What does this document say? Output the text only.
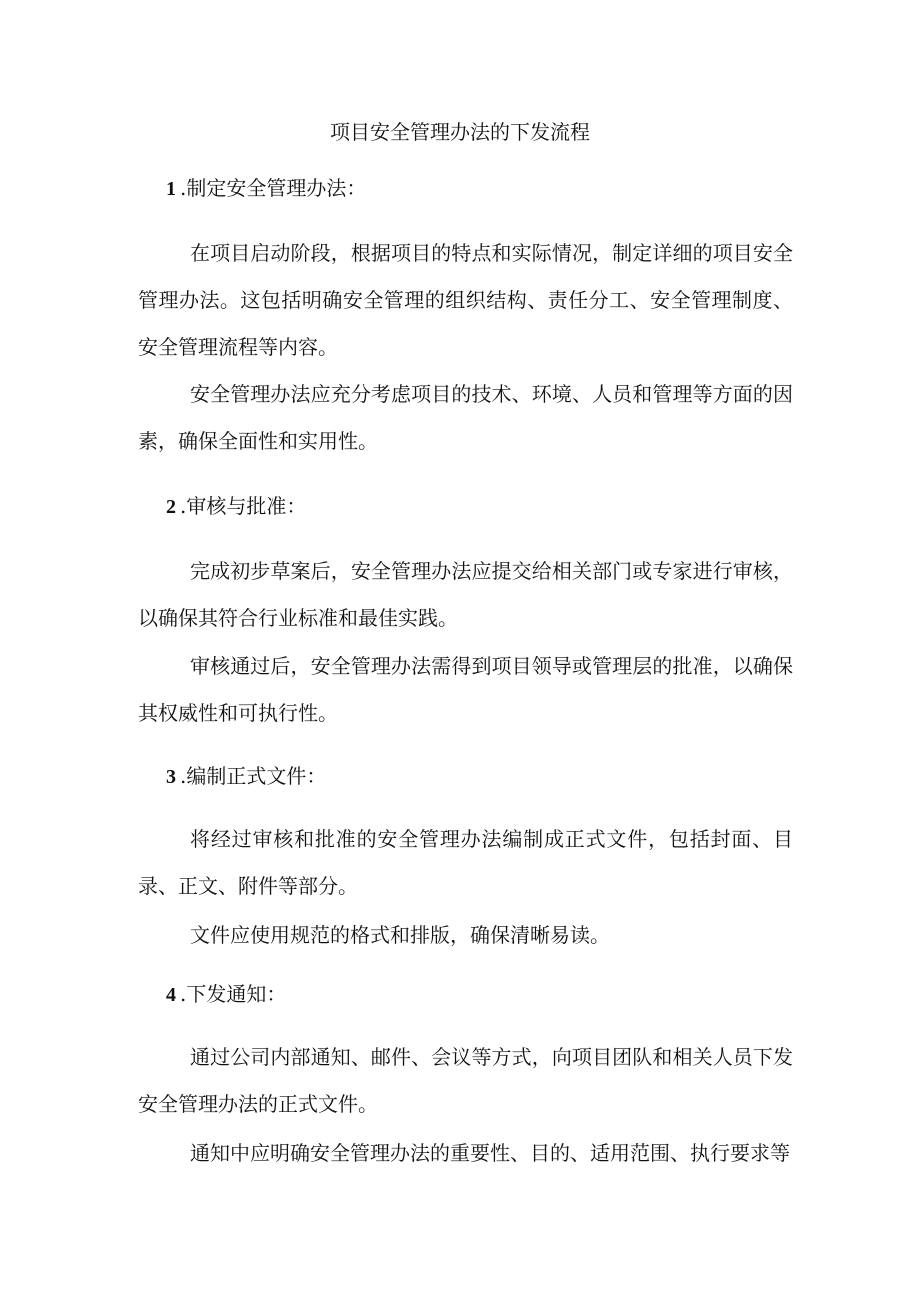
项目安全管理办法的下发流程
1 .制定安全管理办法：

在项目启动阶段，根据项目的特点和实际情况，制定详细的项目安全管理办法。这包括明确安全管理的组织结构、责任分工、安全管理制度、安全管理流程等内容。

安全管理办法应充分考虑项目的技术、环境、人员和管理等方面的因素，确保全面性和实用性。

2 .审核与批准：

完成初步草案后，安全管理办法应提交给相关部门或专家进行审核，以确保其符合行业标准和最佳实践。

审核通过后，安全管理办法需得到项目领导或管理层的批准，以确保其权威性和可执行性。

3 .编制正式文件：

将经过审核和批准的安全管理办法编制成正式文件，包括封面、目录、正文、附件等部分。

文件应使用规范的格式和排版，确保清晰易读。

4 .下发通知：

通过公司内部通知、邮件、会议等方式，向项目团队和相关人员下发安全管理办法的正式文件。

通知中应明确安全管理办法的重要性、目的、适用范围、执行要求等
